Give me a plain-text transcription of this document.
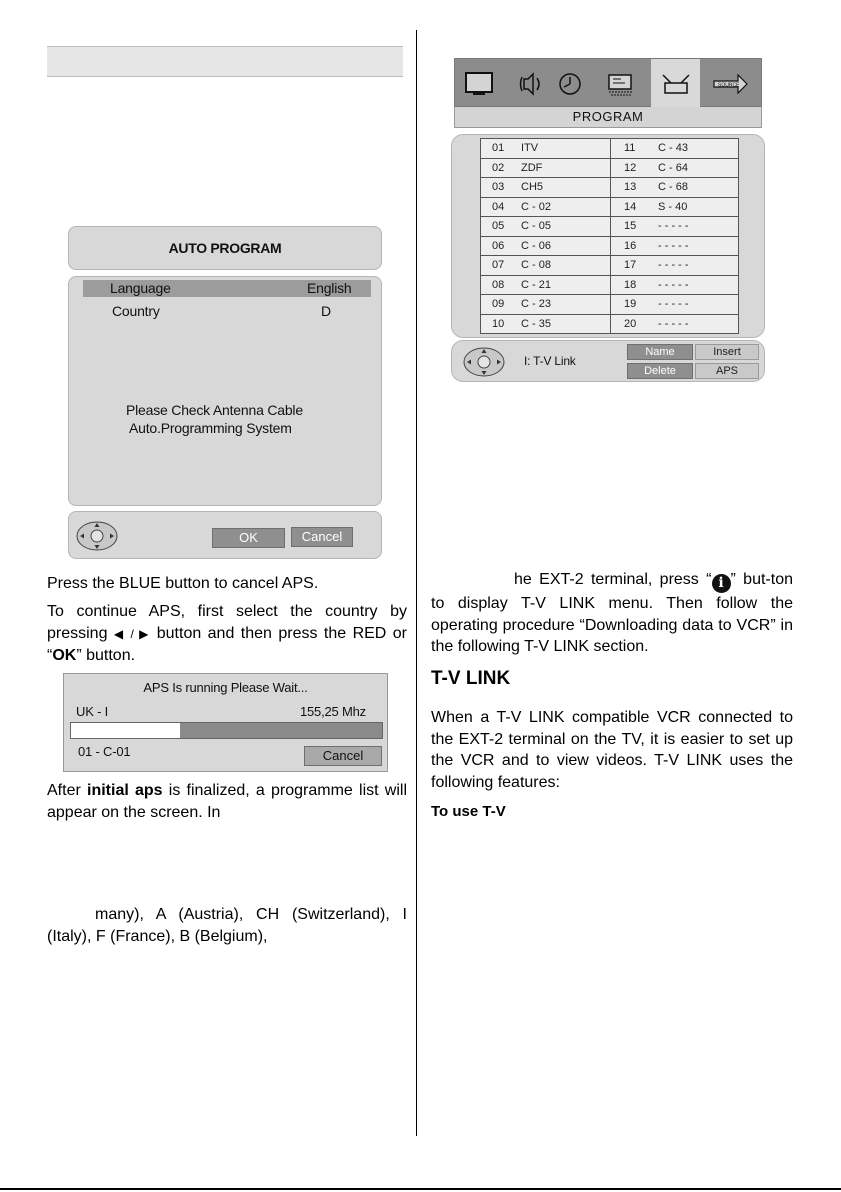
AUTO PROGRAM
Language	English
Country	D
Please Check Antenna Cable
Auto.Programming System
OK	Cancel
Press the BLUE button to cancel APS.
To continue APS, first select the country by pressing ◀ / ▶ button and then press the RED or “OK” button.
APS Is running Please Wait...
UK - I	155,25 Mhz
01 - C-01	Cancel
After initial aps is finalized, a programme list will appear on the screen. In
many), A (Austria), CH (Switzerland), I (Italy), F (France), B (Belgium),
SOURCE
PROGRAM
01 ITV	11 C - 43
02 ZDF	12 C - 64
03 CH5	13 C - 68
04 C - 02	14 S - 40
05 C - 05	15 - - - - -
06 C - 06	16 - - - - -
07 C - 08	17 - - - - -
08 C - 21	18 - - - - -
09 C - 23	19 - - - - -
10 C - 35	20 - - - - -
I: T-V Link
Name	Insert
Delete	APS
he EXT-2 terminal, press “ i ” but-ton to display T-V LINK menu. Then follow the operating procedure “Downloading data to VCR” in the following T-V LINK section.
T-V LINK
When a T-V LINK compatible VCR connected to the EXT-2 terminal on the TV, it is easier to set up the VCR and to view videos. T-V LINK uses the following features:
To use T-V
